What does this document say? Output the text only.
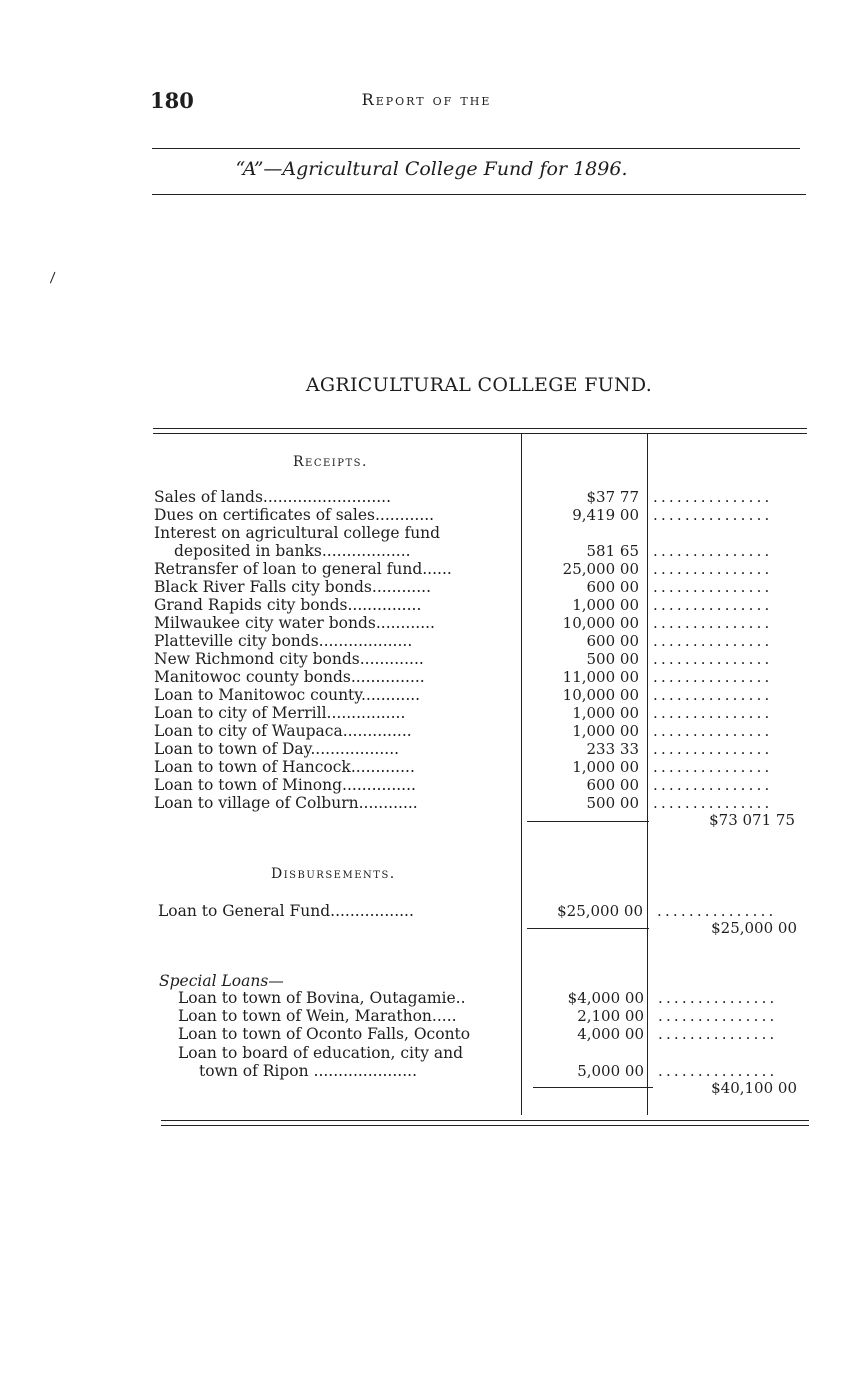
180	Report of the
“A”—Agricultural College Fund for 1896.
\
AGRICULTURAL COLLEGE FUND.
Receipts.
Sales of lands..........................	$37 77 ...............
Dues on certificates of sales............	9,419 00 ...............
Interest on agricultural college fund
deposited in banks..................	581 65 ...............
Retransfer of loan to general fund......	25,000 00 ...............
Black River Falls city bonds............	600 00 ...............
Grand Rapids city bonds...............	1,000 00 ...............
Milwaukee city water bonds............	10,000 00 ...............
Platteville city bonds...................	600 00 ...............
New Richmond city bonds.............	500 00 ...............
Manitowoc county bonds...............	11,000 00 ...............
Loan to Manitowoc county............	10,000 00 ...............
Loan to city of Merrill................	1,000 00 ...............
Loan to city of Waupaca..............	1,000 00 ...............
Loan to town of Day..................	233 33 ...............
Loan to town of Hancock.............	1,000 00 ...............
Loan to town of Minong...............	600 00 ...............
Loan to village of Colburn............	500 00 ...............
$73 071 75
Disbursements.
Loan to General Fund.................	$25,000 00 ...............
$25,000 00
Special Loans—
Loan to town of Bovina, Outagamie..	$4,000 00 ...............
Loan to town of Wein, Marathon.....	2,100 00 ...............
Loan to town of Oconto Falls, Oconto	4,000 00 ...............
Loan to board of education, city and
town of Ripon .....................	5,000 00 ...............
$40,100 00
